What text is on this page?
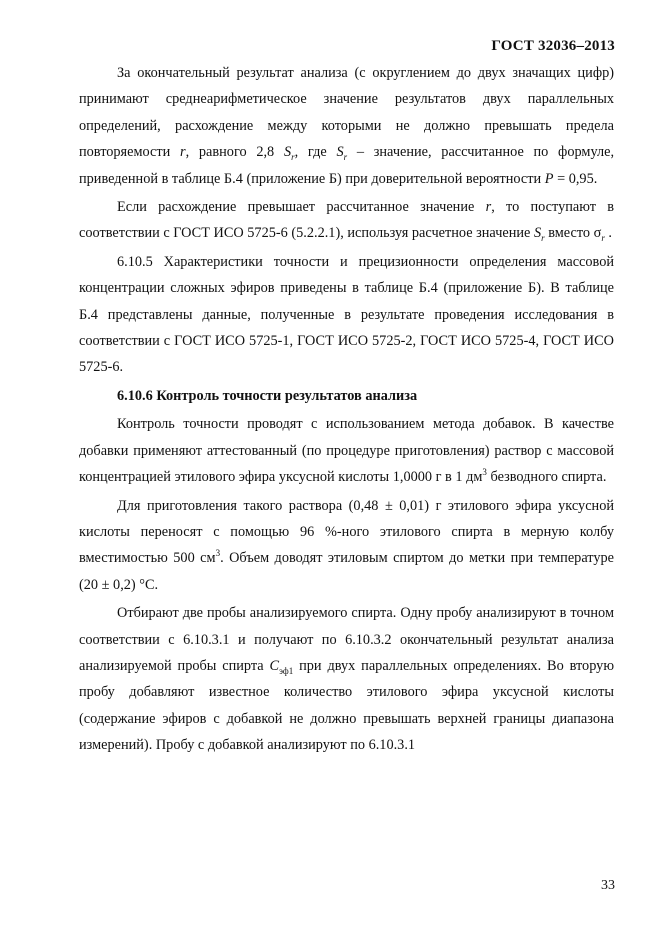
ГОСТ 32036–2013

За окончательный результат анализа (с округлением до двух значащих цифр) принимают среднеарифметическое значение результатов двух параллельных определений, расхождение между которыми не должно превышать предела повторяемости r, равного 2,8 $S_r$, где $S_r$ – значение, рассчитанное по формуле, приведенной в таблице Б.4 (приложение Б) при доверительной вероятности P = 0,95.

Если расхождение превышает рассчитанное значение r, то поступают в соответствии с ГОСТ ИСО 5725-6 (5.2.2.1), используя расчетное значение $S_r$ вместо $\sigma_r$ .

6.10.5 Характеристики точности и прецизионности определения массовой концентрации сложных эфиров приведены в таблице Б.4 (приложение Б). В таблице Б.4 представлены данные, полученные в результате проведения исследования в соответствии с ГОСТ ИСО 5725-1, ГОСТ ИСО 5725-2, ГОСТ ИСО 5725-4, ГОСТ ИСО 5725-6.

6.10.6 Контроль точности результатов анализа

Контроль точности проводят с использованием метода добавок. В качестве добавки применяют аттестованный (по процедуре приготовления) раствор с массовой концентрацией этилового эфира уксусной кислоты 1,0000 г в 1 $дм^3$ безводного спирта.

Для приготовления такого раствора (0,48 ± 0,01) г этилового эфира уксусной кислоты переносят с помощью 96 %-ного этилового спирта в мерную колбу вместимостью 500 $см^3$. Объем доводят этиловым спиртом до метки при температуре (20 ± 0,2) °С.

Отбирают две пробы анализируемого спирта. Одну пробу анализируют в точном соответствии с 6.10.3.1 и получают по 6.10.3.2 окончательный результат анализа анализируемой пробы спирта $C_{эф1}$ при двух параллельных определениях. Во вторую пробу добавляют известное количество этилового эфира уксусной кислоты (содержание эфиров с добавкой не должно превышать верхней границы диапазона измерений). Пробу с добавкой анализируют по 6.10.3.1

33
